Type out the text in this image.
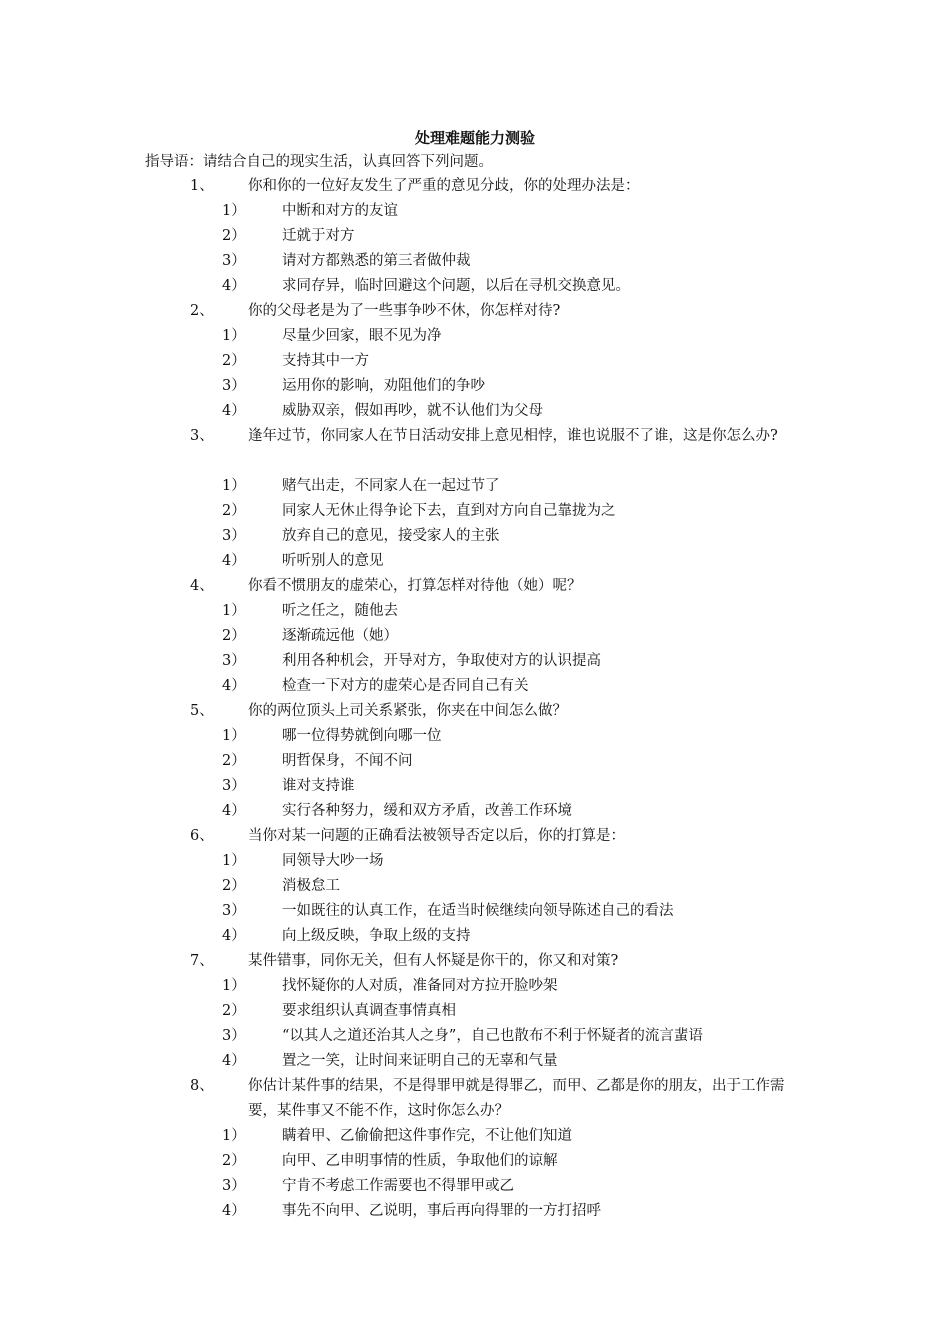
处理难题能力测验
指导语：请结合自己的现实生活，认真回答下列问题。
1、 你和你的一位好友发生了严重的意见分歧，你的处理办法是：
1）	中断和对方的友谊
2）	迁就于对方
3）	请对方都熟悉的第三者做仲裁
4）	求同存异，临时回避这个问题，以后在寻机交换意见。
2、 你的父母老是为了一些事争吵不休，你怎样对待?
1）	尽量少回家，眼不见为净
2）	支持其中一方
3）	运用你的影响，劝阻他们的争吵
4）	威胁双亲，假如再吵，就不认他们为父母
3、 逢年过节，你同家人在节日活动安排上意见相悖，谁也说服不了谁，这是你怎么办?
1）	赌气出走，不同家人在一起过节了
2）	同家人无休止得争论下去，直到对方向自己靠拢为之
3）	放弃自己的意见，接受家人的主张
4）	听听别人的意见
4、 你看不惯朋友的虚荣心，打算怎样对待他（她）呢？
1）	听之任之，随他去
2）	逐渐疏远他（她）
3）	利用各种机会，开导对方，争取使对方的认识提高
4）	检查一下对方的虚荣心是否同自己有关
5、 你的两位顶头上司关系紧张，你夹在中间怎么做？
1）	哪一位得势就倒向哪一位
2）	明哲保身，不闻不问
3）	谁对支持谁
4）	实行各种努力，缓和双方矛盾，改善工作环境
6、 当你对某一问题的正确看法被领导否定以后，你的打算是：
1）	同领导大吵一场
2）	消极怠工
3）	一如既往的认真工作，在适当时候继续向领导陈述自己的看法
4）	向上级反映，争取上级的支持
7、 某件错事，同你无关，但有人怀疑是你干的，你又和对策?
1）	找怀疑你的人对质，准备同对方拉开脸吵架
2）	要求组织认真调查事情真相
3）	“以其人之道还治其人之身”，自己也散布不利于怀疑者的流言蜚语
4）	置之一笑，让时间来证明自己的无辜和气量
8、 你估计某件事的结果，不是得罪甲就是得罪乙，而甲、乙都是你的朋友，出于工作需要，某件事又不能不作，这时你怎么办？
1）	瞒着甲、乙偷偷把这件事作完，不让他们知道
2）	向甲、乙申明事情的性质，争取他们的谅解
3）	宁肯不考虑工作需要也不得罪甲或乙
4）	事先不向甲、乙说明，事后再向得罪的一方打招呼
